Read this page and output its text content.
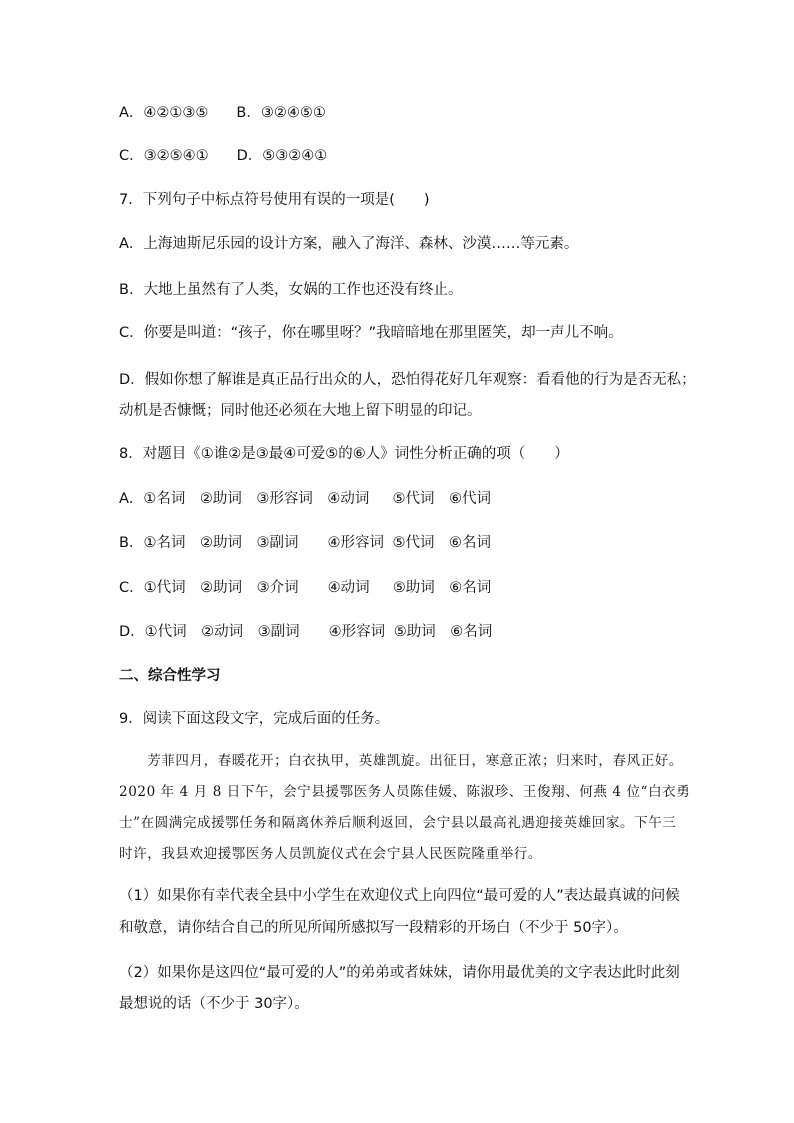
A．④②①③⑤ B．③②④⑤①
C．③②⑤④① D．⑤③②④①
7．下列句子中标点符号使用有误的一项是(　　)
A．上海迪斯尼乐园的设计方案，融入了海洋、森林、沙漠……等元素。
B．大地上虽然有了人类，女娲的工作也还没有终止。
C．你要是叫道：“孩子，你在哪里呀？”我暗暗地在那里匿笑，却一声儿不响。
D．假如你想了解谁是真正品行出众的人，恐怕得花好几年观察：看看他的行为是否无私；
动机是否慷慨；同时他还必须在大地上留下明显的印记。
8．对题目《①谁②是③最④可爱⑤的⑥人》词性分析正确的项（　　）
A．①名词　②助词　③形容词　④动词　 ⑤代词　⑥代词
B．①名词　②助词　③副词　　④形容词 ⑤代词　⑥名词
C．①代词　②助词　③介词　　④动词　 ⑤助词　⑥名词
D．①代词　②动词　③副词　　④形容词 ⑤助词　⑥名词
二、综合性学习
9．阅读下面这段文字，完成后面的任务。
　　芳菲四月，春暖花开；白衣执甲，英雄凯旋。出征日，寒意正浓；归来时，春风正好。
2020 年 4 月 8 日下午，会宁县援鄂医务人员陈佳媛、陈淑珍、王俊翔、何燕 4 位“白衣勇
士”在圆满完成援鄂任务和隔离休养后顺利返回，会宁县以最高礼遇迎接英雄回家。下午三
时许，我县欢迎援鄂医务人员凯旋仪式在会宁县人民医院隆重举行。
（1）如果你有幸代表全县中小学生在欢迎仪式上向四位“最可爱的人”表达最真诚的问候
和敬意，请你结合自己的所见所闻所感拟写一段精彩的开场白（不少于 50字）。
（2）如果你是这四位“最可爱的人”的弟弟或者妹妹，请你用最优美的文字表达此时此刻
最想说的话（不少于 30字）。
